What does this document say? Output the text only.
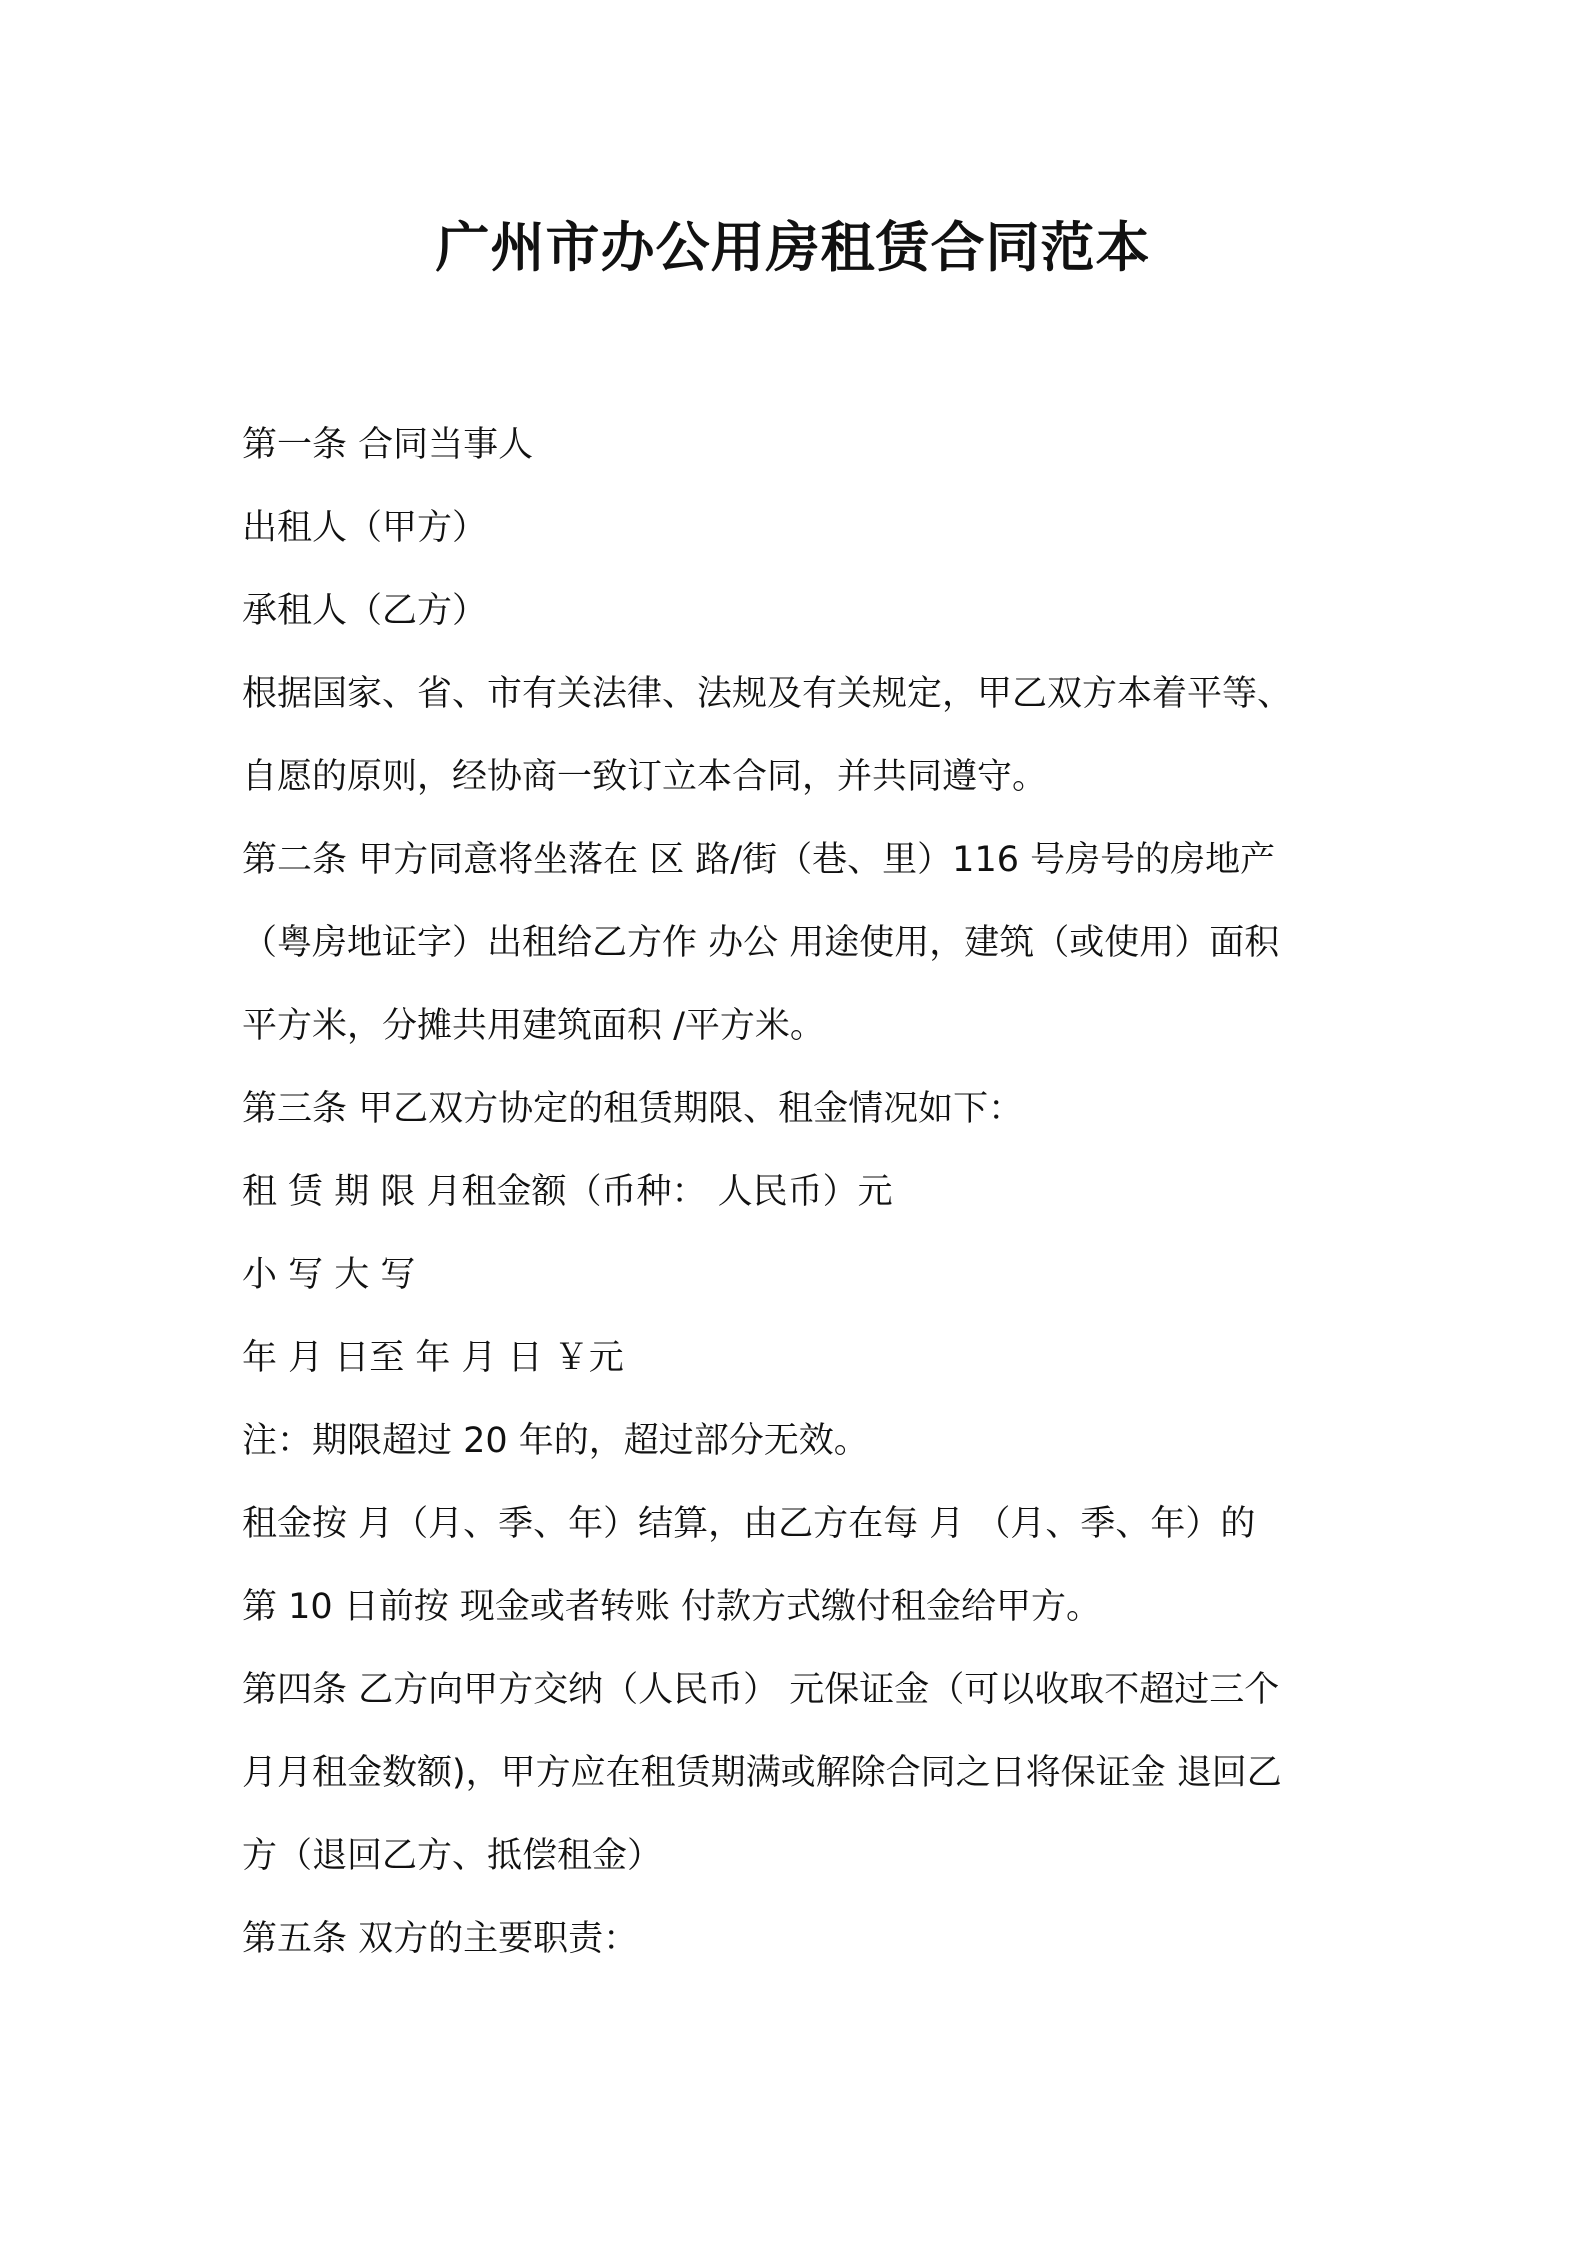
广州市办公用房租赁合同范本
第一条 合同当事人
出租人（甲方）
承租人（乙方）
根据国家、省、市有关法律、法规及有关规定，甲乙双方本着平等、
自愿的原则，经协商一致订立本合同，并共同遵守。
第二条 甲方同意将坐落在 区 路/街（巷、里）116 号房号的房地产
（粤房地证字）出租给乙方作 办公 用途使用，建筑（或使用）面积
平方米，分摊共用建筑面积 /平方米。
第三条 甲乙双方协定的租赁期限、租金情况如下：
租 赁 期 限 月租金额（币种： 人民币）元
小 写 大 写
年 月 日至 年 月 日 ￥元
注：期限超过 20 年的，超过部分无效。
租金按 月（月、季、年）结算，由乙方在每 月 （月、季、年）的
第 10 日前按 现金或者转账 付款方式缴付租金给甲方。
第四条 乙方向甲方交纳（人民币） 元保证金（可以收取不超过三个
月月租金数额)，甲方应在租赁期满或解除合同之日将保证金 退回乙
方（退回乙方、抵偿租金）
第五条 双方的主要职责：
